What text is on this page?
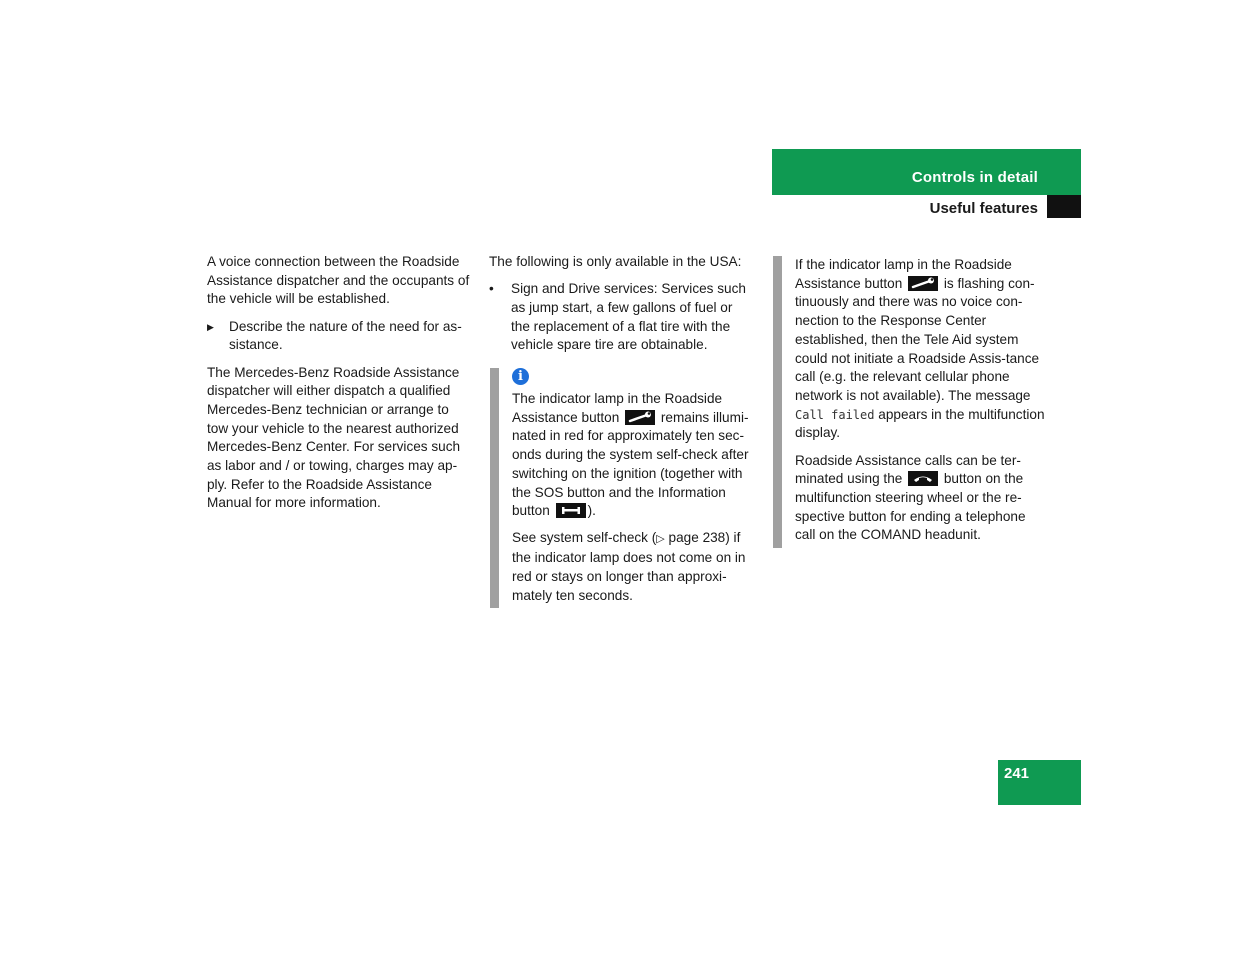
Controls in detail
Useful features

A voice connection between the Roadside Assistance dispatcher and the occupants of the vehicle will be established.

▶	Describe the nature of the need for as-sistance.

The Mercedes-Benz Roadside Assistance dispatcher will either dispatch a qualified Mercedes-Benz technician or arrange to tow your vehicle to the nearest authorized Mercedes-Benz Center. For services such as labor and / or towing, charges may ap-ply. Refer to the Roadside Assistance Manual for more information.

The following is only available in the USA:

•	Sign and Drive services: Services such as jump start, a few gallons of fuel or the replacement of a flat tire with the vehicle spare tire are obtainable.
i

The indicator lamp in the Roadside Assistance button	remains illumi-nated in red for approximately ten sec-onds during the system self-check after switching on the ignition (together with the SOS button and the Information button	).

See system self-check (▷ page 238) if the indicator lamp does not come on in red or stays on longer than approxi-mately ten seconds.

If the indicator lamp in the Roadside Assistance button	is flashing con-tinuously and there was no voice con-nection to the Response Center established, then the Tele Aid system could not initiate a Roadside Assis-tance call (e.g. the relevant cellular phone network is not available). The message Call failed appears in the multifunction display.

Roadside Assistance calls can be ter-minated using the	button on the multifunction steering wheel or the re-spective button for ending a telephone call on the COMAND headunit.

241
